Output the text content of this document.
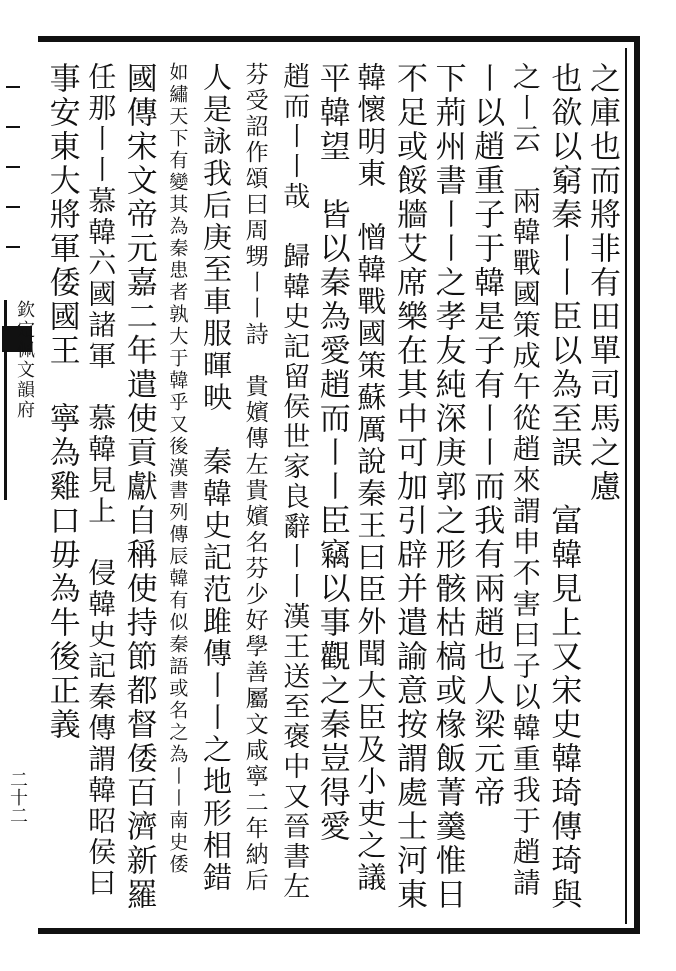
欽定佩文韻府
二十二
之庫也而將非有田單司馬之慮
也欲以窮秦〡〡臣以為至誤　富韓見上又宋史韓琦傳琦與
之〡云　兩韓戰國策成午從趙來謂申不害曰子以韓重我于趙請
〡以趙重子于韓是子有〡〡而我有兩趙也人梁元帝
下荊州書〡〡之孝友純深庚郭之形骸枯槁或椽飯菁羹惟日
不足或餒牆艾席樂在其中可加引辟并遣諭意按謂處士河東
韓懷明東　憎韓戰國策蘇厲說秦王曰臣外聞大臣及小吏之議
平韓望　皆以秦為愛趙而〡〡臣竊以事觀之秦豈得愛
趙而〡〡哉　歸韓史記留侯世家良辭〡〡漢王送至褒中又晉書左
芬受詔作頌曰周甥〡〡詩　貴嬪傳左貴嬪名芬少好學善屬文咸寧二年納后
人是詠我后庚至車服暉映　秦韓史記范雎傳〡〡之地形相錯
如繡天下有變其為秦患者孰大于韓乎又後漢書列傳辰韓有似秦語或名之為〡〡南史倭
國傳宋文帝元嘉二年遣使貢獻自稱使持節都督倭百濟新羅
任那〡〡慕韓六國諸軍　慕韓見上　侵韓史記秦傳謂韓昭侯曰
事安東大將軍倭國王　寧為雞口毋為牛後正義
